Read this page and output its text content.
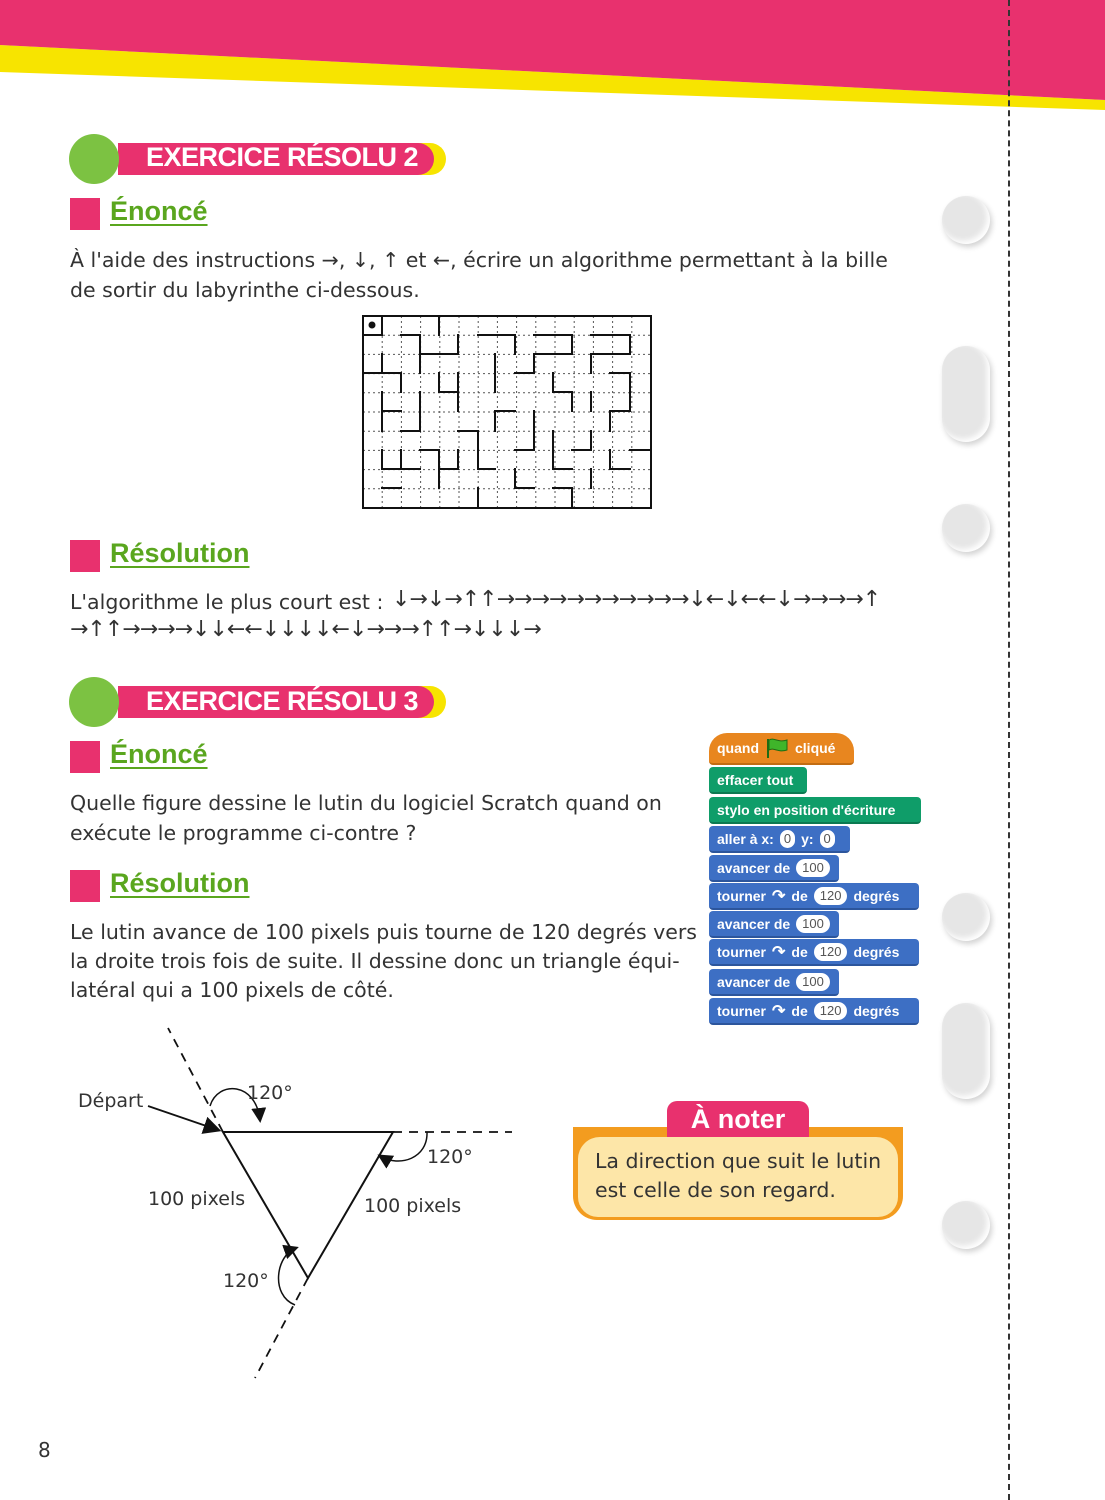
EXERCICE RÉSOLU 2
Énoncé
À l'aide des instructions →, ↓, ↑ et ←, écrire un algorithme permettant à la bille
de sortir du labyrinthe ci-dessous.
Résolution
L'algorithme le plus court est : ↓→↓→↑↑→→→→→→→→→→→↓←↓←←↓→→→→↑
→↑↑→→→→↓↓←←↓↓↓↓←↓→→→↑↑→↓↓↓→
EXERCICE RÉSOLU 3
Énoncé
Quelle figure dessine le lutin du logiciel Scratch quand on
exécute le programme ci-contre ?
Résolution
Le lutin avance de 100 pixels puis tourne de 120 degrés vers
la droite trois fois de suite. Il dessine donc un triangle équi-
latéral qui a 100 pixels de côté.
quand	cliqué
effacer tout
stylo en position d'écriture
aller à x: 0 y: 0
avancer de 100
tourner ↷ de 120 degrés
avancer de 100
tourner ↷ de 120 degrés
avancer de 100
tourner ↷ de 120 degrés
Départ	120°
120°
120°
100 pixels	100 pixels
La direction que suit le lutin
est celle de son regard.
À noter
8
